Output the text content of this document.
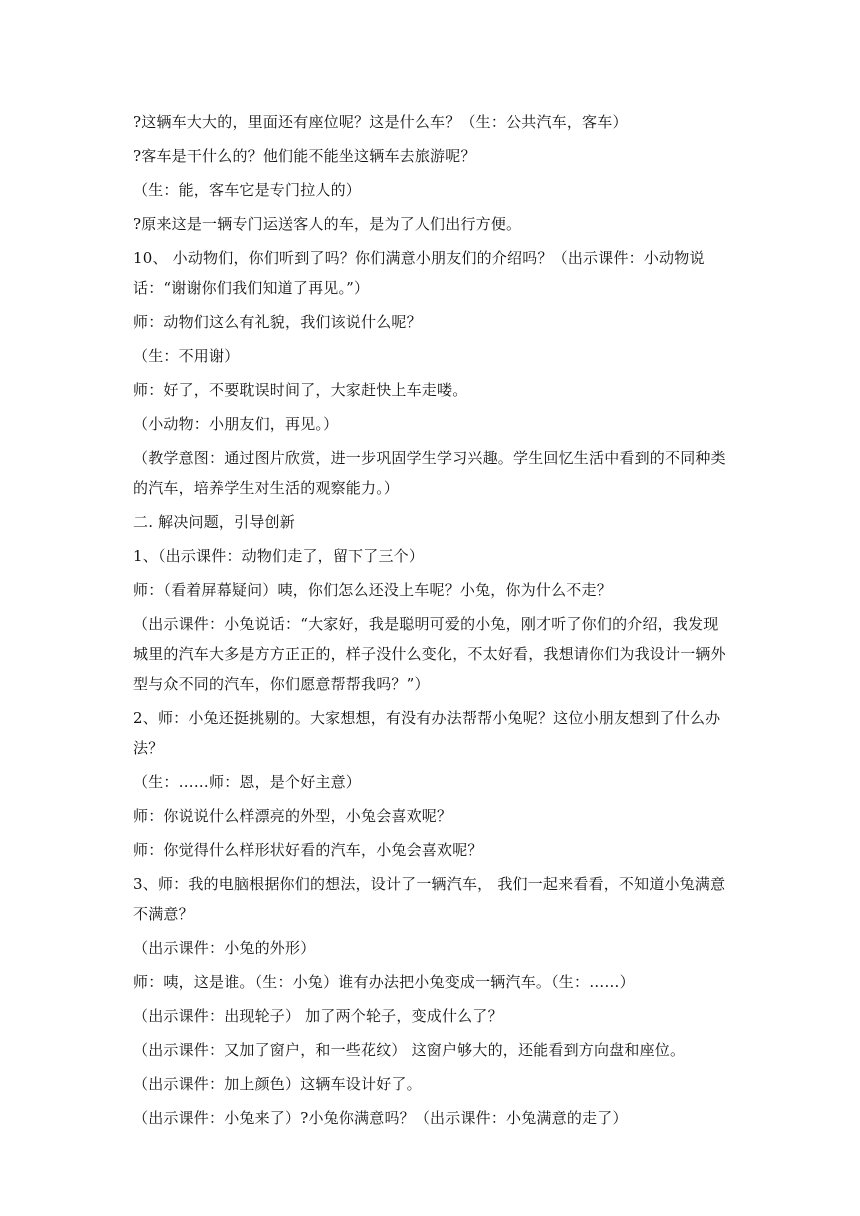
?这辆车大大的，里面还有座位呢？这是什么车？（生：公共汽车，客车）

?客车是干什么的？他们能不能坐这辆车去旅游呢？

（生：能，客车它是专门拉人的）

?原来这是一辆专门运送客人的车，是为了人们出行方便。

10、 小动物们，你们听到了吗？你们满意小朋友们的介绍吗？（出示课件：小动物说话：“谢谢你们我们知道了再见。”）

师：动物们这么有礼貌，我们该说什么呢？

（生：不用谢）

师：好了，不要耽误时间了，大家赶快上车走喽。

（小动物：小朋友们，再见。）

（教学意图：通过图片欣赏，进一步巩固学生学习兴趣。学生回忆生活中看到的不同种类的汽车，培养学生对生活的观察能力。）

二. 解决问题，引导创新

1、（出示课件：动物们走了，留下了三个）

师：（看着屏幕疑问）咦，你们怎么还没上车呢？小兔，你为什么不走？

（出示课件：小兔说话：“大家好，我是聪明可爱的小兔，刚才听了你们的介绍，我发现城里的汽车大多是方方正正的，样子没什么变化，不太好看，我想请你们为我设计一辆外型与众不同的汽车，你们愿意帮帮我吗？”）

2、师：小兔还挺挑剔的。大家想想，有没有办法帮帮小兔呢？这位小朋友想到了什么办法？

（生：……师：恩，是个好主意）

师：你说说什么样漂亮的外型，小兔会喜欢呢？

师：你觉得什么样形状好看的汽车，小兔会喜欢呢？

3、师：我的电脑根据你们的想法，设计了一辆汽车， 我们一起来看看，不知道小兔满意不满意？

（出示课件：小兔的外形）

师：咦，这是谁。（生：小兔）谁有办法把小兔变成一辆汽车。（生：……）

（出示课件：出现轮子） 加了两个轮子，变成什么了？

（出示课件：又加了窗户，和一些花纹） 这窗户够大的，还能看到方向盘和座位。

（出示课件：加上颜色）这辆车设计好了。

（出示课件：小兔来了）?小兔你满意吗？（出示课件：小兔满意的走了）
